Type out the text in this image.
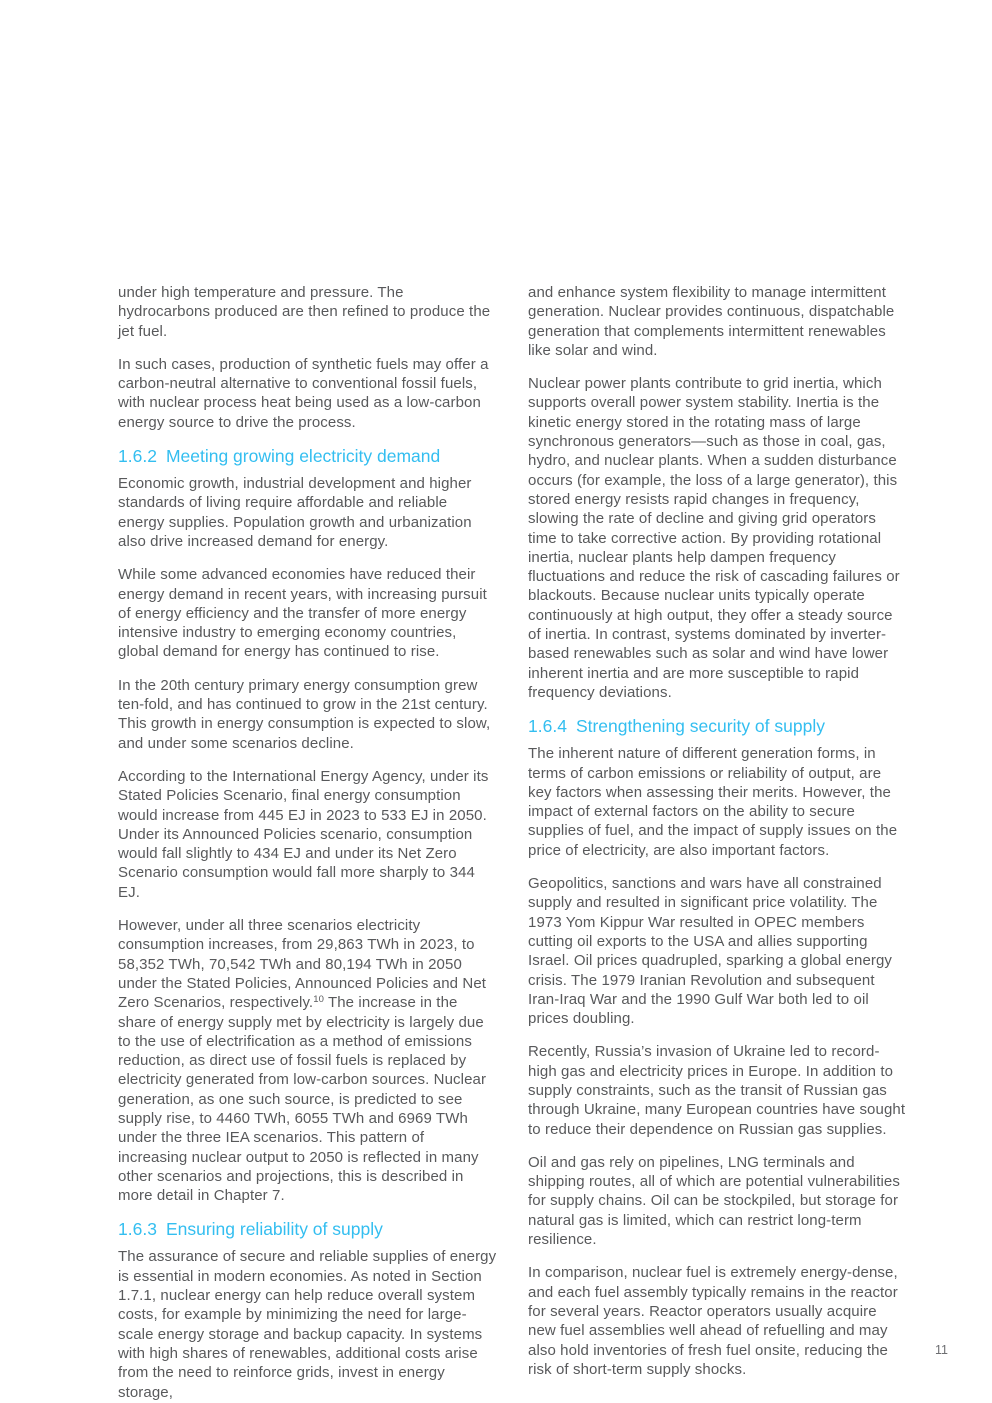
under high temperature and pressure. The hydrocarbons produced are then refined to produce the jet fuel.

In such cases, production of synthetic fuels may offer a carbon-neutral alternative to conventional fossil fuels, with nuclear process heat being used as a low-carbon energy source to drive the process.

1.6.2 Meeting growing electricity demand

Economic growth, industrial development and higher standards of living require affordable and reliable energy supplies. Population growth and urbanization also drive increased demand for energy.

While some advanced economies have reduced their energy demand in recent years, with increasing pursuit of energy efficiency and the transfer of more energy intensive industry to emerging economy countries, global demand for energy has continued to rise.

In the 20th century primary energy consumption grew ten-fold, and has continued to grow in the 21st century. This growth in energy consumption is expected to slow, and under some scenarios decline.

According to the International Energy Agency, under its Stated Policies Scenario, final energy consumption would increase from 445 EJ in 2023 to 533 EJ in 2050. Under its Announced Policies scenario, consumption would fall slightly to 434 EJ and under its Net Zero Scenario consumption would fall more sharply to 344 EJ.

However, under all three scenarios electricity consumption increases, from 29,863 TWh in 2023, to 58,352 TWh, 70,542 TWh and 80,194 TWh in 2050 under the Stated Policies, Announced Policies and Net Zero Scenarios, respectively.$^{10}$ The increase in the share of energy supply met by electricity is largely due to the use of electrification as a method of emissions reduction, as direct use of fossil fuels is replaced by electricity generated from low-carbon sources. Nuclear generation, as one such source, is predicted to see supply rise, to 4460 TWh, 6055 TWh and 6969 TWh under the three IEA scenarios. This pattern of increasing nuclear output to 2050 is reflected in many other scenarios and projections, this is described in more detail in Chapter 7.

1.6.3 Ensuring reliability of supply

The assurance of secure and reliable supplies of energy is essential in modern economies. As noted in Section 1.7.1, nuclear energy can help reduce overall system costs, for example by minimizing the need for large-scale energy storage and backup capacity. In systems with high shares of renewables, additional costs arise from the need to reinforce grids, invest in energy storage,

and enhance system flexibility to manage intermittent generation. Nuclear provides continuous, dispatchable generation that complements intermittent renewables like solar and wind.

Nuclear power plants contribute to grid inertia, which supports overall power system stability. Inertia is the kinetic energy stored in the rotating mass of large synchronous generators—such as those in coal, gas, hydro, and nuclear plants. When a sudden disturbance occurs (for example, the loss of a large generator), this stored energy resists rapid changes in frequency, slowing the rate of decline and giving grid operators time to take corrective action. By providing rotational inertia, nuclear plants help dampen frequency fluctuations and reduce the risk of cascading failures or blackouts. Because nuclear units typically operate continuously at high output, they offer a steady source of inertia. In contrast, systems dominated by inverter-based renewables such as solar and wind have lower inherent inertia and are more susceptible to rapid frequency deviations.

1.6.4 Strengthening security of supply

The inherent nature of different generation forms, in terms of carbon emissions or reliability of output, are key factors when assessing their merits. However, the impact of external factors on the ability to secure supplies of fuel, and the impact of supply issues on the price of electricity, are also important factors.

Geopolitics, sanctions and wars have all constrained supply and resulted in significant price volatility. The 1973 Yom Kippur War resulted in OPEC members cutting oil exports to the USA and allies supporting Israel. Oil prices quadrupled, sparking a global energy crisis. The 1979 Iranian Revolution and subsequent Iran-Iraq War and the 1990 Gulf War both led to oil prices doubling.

Recently, Russia’s invasion of Ukraine led to record-high gas and electricity prices in Europe. In addition to supply constraints, such as the transit of Russian gas through Ukraine, many European countries have sought to reduce their dependence on Russian gas supplies.

Oil and gas rely on pipelines, LNG terminals and shipping routes, all of which are potential vulnerabilities for supply chains. Oil can be stockpiled, but storage for natural gas is limited, which can restrict long-term resilience.

In comparison, nuclear fuel is extremely energy-dense, and each fuel assembly typically remains in the reactor for several years. Reactor operators usually acquire new fuel assemblies well ahead of refuelling and may also hold inventories of fresh fuel onsite, reducing the risk of short-term supply shocks.

11
